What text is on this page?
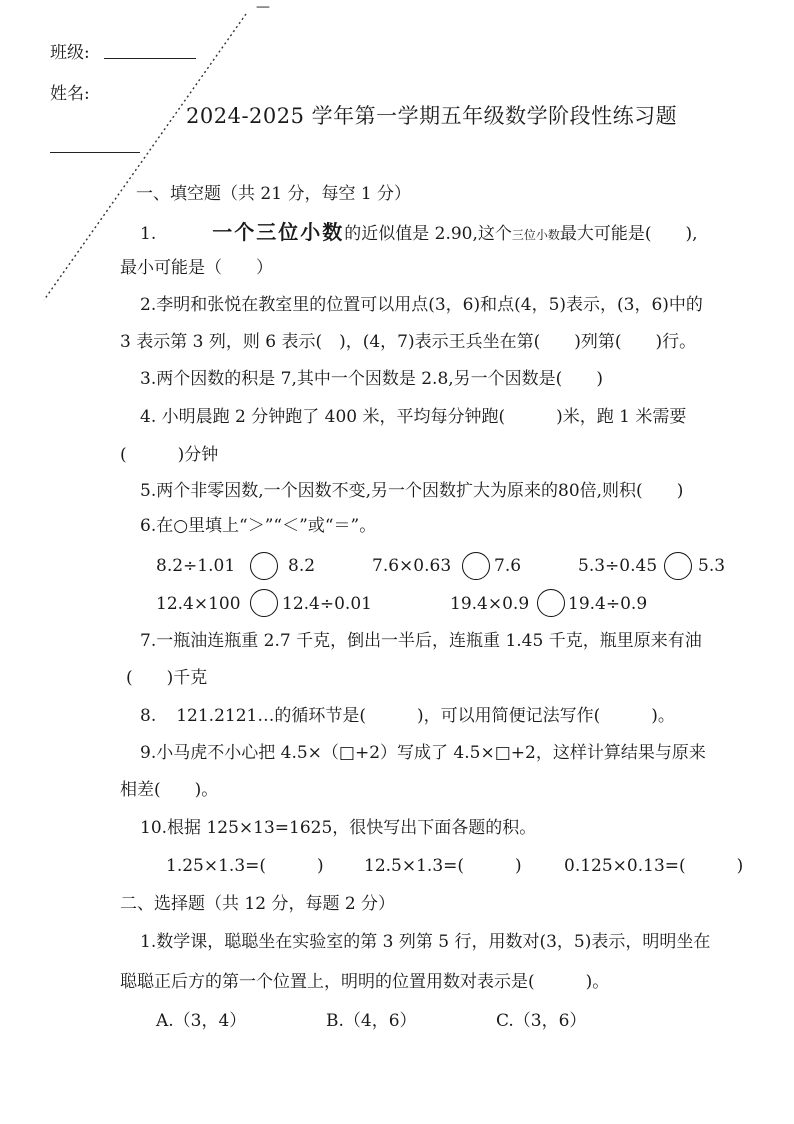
—
班级:
姓名:
2024-2025 学年第一学期五年级数学阶段性练习题
一、填空题（共 21 分，每空 1 分）
1.	一个三位小数 的近似值是 2.90,这个 三位小数 最大可能是(　　),
最小可能是（　　）
2.李明和张悦在教室里的位置可以用点(3，6)和点(4，5)表示，(3，6)中的
3 表示第 3 列，则 6 表示(　)，(4，7)表示王兵坐在第(　　)列第(　　)行。
3.两个因数的积是 7,其中一个因数是 2.8,另一个因数是(　　)
4. 小明晨跑 2 分钟跑了 400 米，平均每分钟跑(　　　)米，跑 1 米需要
(　　　)分钟
5.两个非零因数,一个因数不变,另一个因数扩大为原来的80倍,则积(　　)
6.在○里填上“＞”“＜”或“＝”。
8.2÷1.01	8.2	7.6×0.63	7.6	5.3÷0.45 5.3
12.4×100 12.4÷0.01	19.4×0.9 19.4÷0.9
7.一瓶油连瓶重 2.7 千克，倒出一半后，连瓶重 1.45 千克，瓶里原来有油
(　　)千克
8. 121.2121…的循环节是(　　　)，可以用简便记法写作(　　　)。
9.小马虎不小心把 4.5×（□+2）写成了 4.5×□+2，这样计算结果与原来
相差(　　)。
10.根据 125×13=1625，很快写出下面各题的积。
1.25×1.3=(　　　) 12.5×1.3=(　　　) 0.125×0.13=(　　　)
二、选择题（共 12 分，每题 2 分）
1.数学课，聪聪坐在实验室的第 3 列第 5 行，用数对(3，5)表示，明明坐在
聪聪正后方的第一个位置上，明明的位置用数对表示是(　　　)。
A.（3，4）	B.（4，6）	C.（3，6）
